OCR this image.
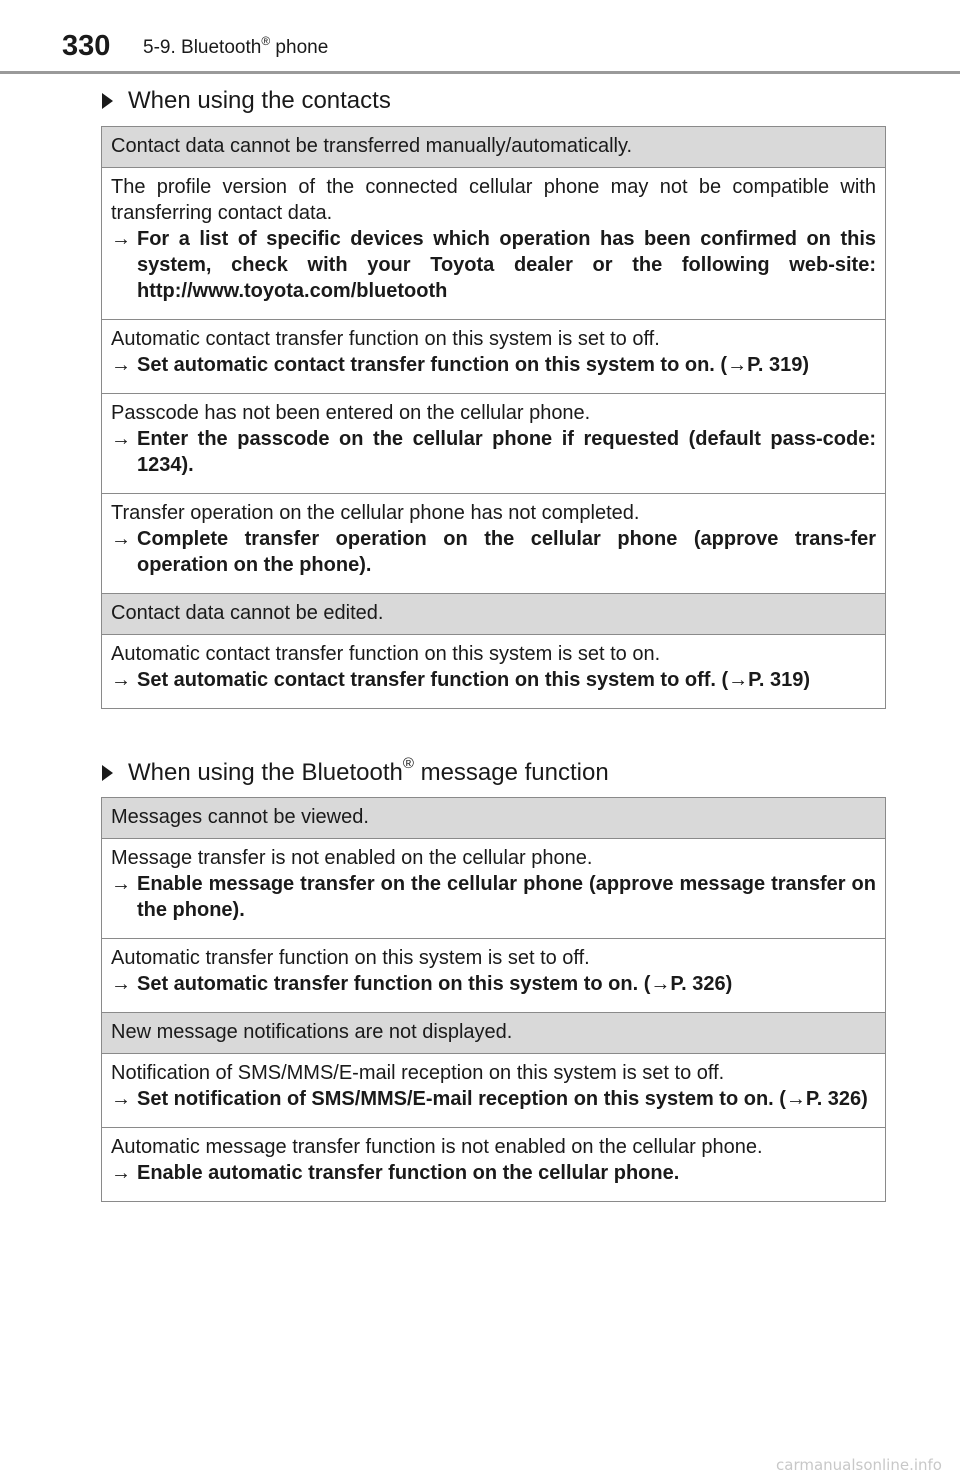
330 5-9. Bluetooth® phone
When using the contacts
Contact data cannot be transferred manually/automatically.

The profile version of the connected cellular phone may not be compatible with transferring contact data.
→ For a list of specific devices which operation has been confirmed on this system, check with your Toyota dealer or the following web-site: http://www.toyota.com/bluetooth

Automatic contact transfer function on this system is set to off.
→ Set automatic contact transfer function on this system to on. (→P. 319)

Passcode has not been entered on the cellular phone.
→ Enter the passcode on the cellular phone if requested (default pass-code: 1234).

Transfer operation on the cellular phone has not completed.
→ Complete transfer operation on the cellular phone (approve trans-fer operation on the phone).

Contact data cannot be edited.

Automatic contact transfer function on this system is set to on.
→ Set automatic contact transfer function on this system to off. (→P. 319)
When using the Bluetooth® message function
Messages cannot be viewed.

Message transfer is not enabled on the cellular phone.
→ Enable message transfer on the cellular phone (approve message transfer on the phone).

Automatic transfer function on this system is set to off.
→ Set automatic transfer function on this system to on. (→P. 326)

New message notifications are not displayed.

Notification of SMS/MMS/E-mail reception on this system is set to off.
→ Set notification of SMS/MMS/E-mail reception on this system to on. (→P. 326)

Automatic message transfer function is not enabled on the cellular phone.
→ Enable automatic transfer function on the cellular phone.
carmanualsonline.info
